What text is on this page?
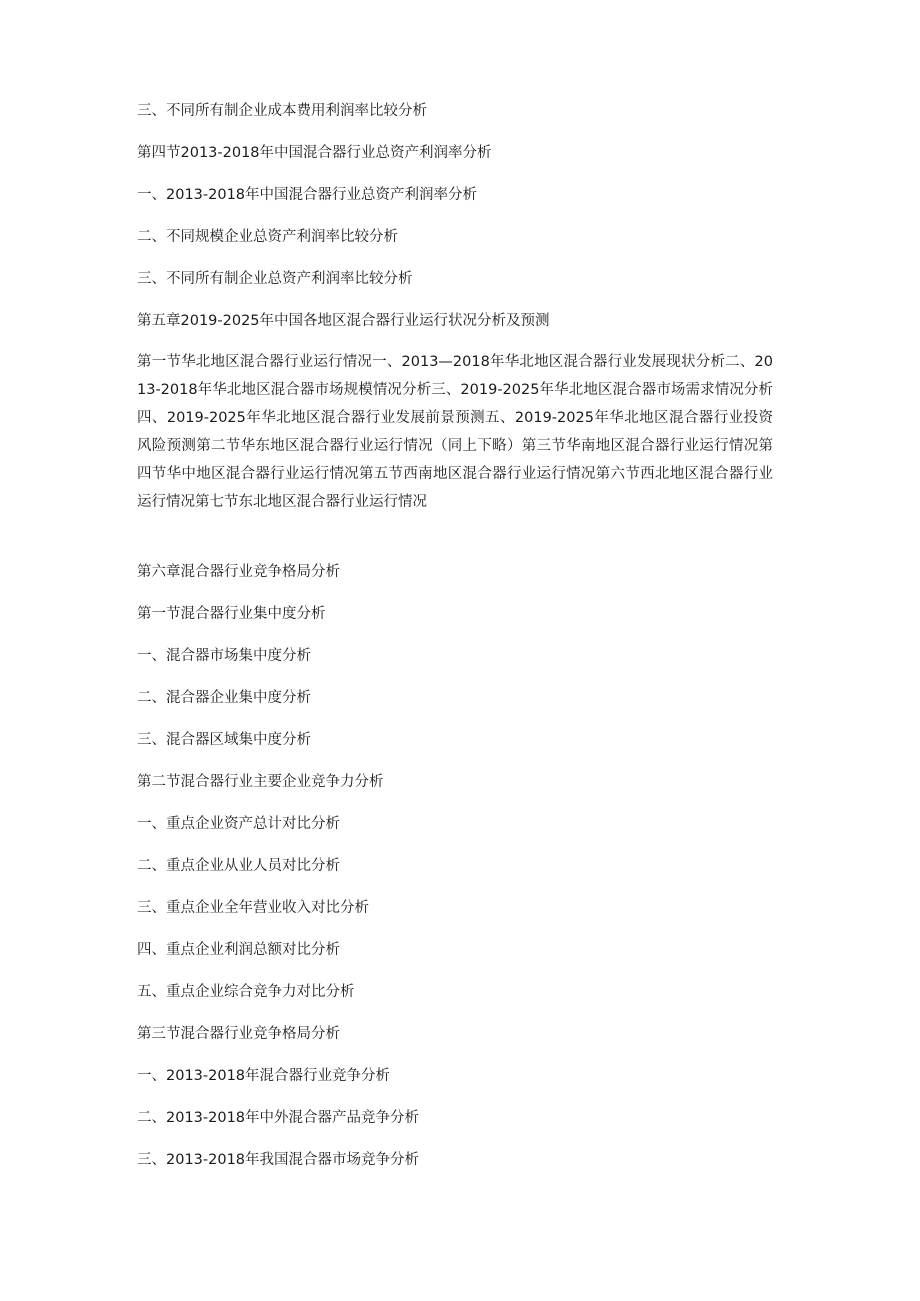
三、不同所有制企业成本费用利润率比较分析
第四节2013-2018年中国混合器行业总资产利润率分析
一、2013-2018年中国混合器行业总资产利润率分析
二、不同规模企业总资产利润率比较分析
三、不同所有制企业总资产利润率比较分析
第五章2019-2025年中国各地区混合器行业运行状况分析及预测
第一节华北地区混合器行业运行情况一、2013—2018年华北地区混合器行业发展现状分析二、2013-2018年华北地区混合器市场规模情况分析三、2019-2025年华北地区混合器市场需求情况分析四、2019-2025年华北地区混合器行业发展前景预测五、2019-2025年华北地区混合器行业投资风险预测第二节华东地区混合器行业运行情况（同上下略）第三节华南地区混合器行业运行情况第四节华中地区混合器行业运行情况第五节西南地区混合器行业运行情况第六节西北地区混合器行业运行情况第七节东北地区混合器行业运行情况
第六章混合器行业竞争格局分析
第一节混合器行业集中度分析
一、混合器市场集中度分析
二、混合器企业集中度分析
三、混合器区域集中度分析
第二节混合器行业主要企业竞争力分析
一、重点企业资产总计对比分析
二、重点企业从业人员对比分析
三、重点企业全年营业收入对比分析
四、重点企业利润总额对比分析
五、重点企业综合竞争力对比分析
第三节混合器行业竞争格局分析
一、2013-2018年混合器行业竞争分析
二、2013-2018年中外混合器产品竞争分析
三、2013-2018年我国混合器市场竞争分析
